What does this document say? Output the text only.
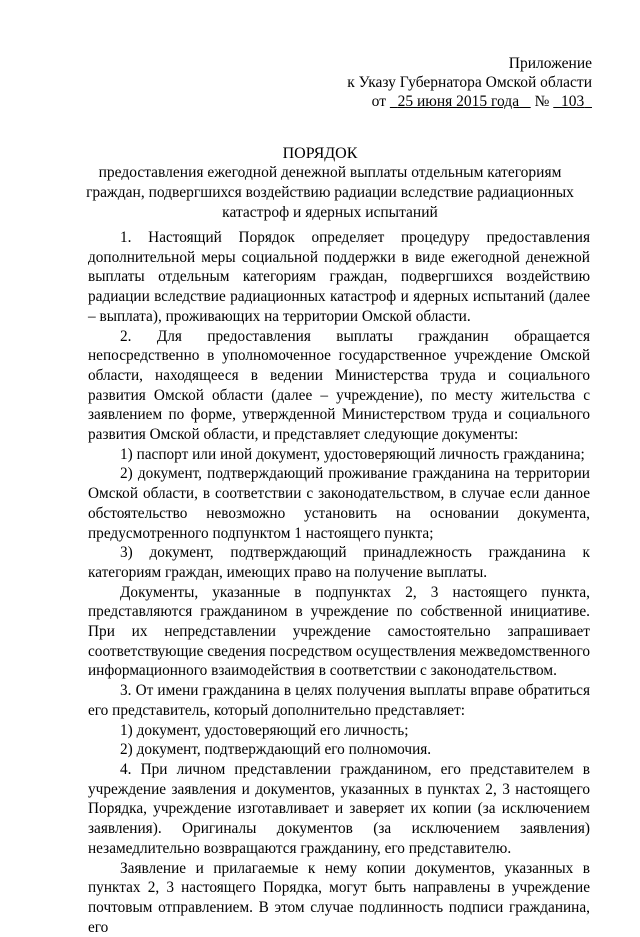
Приложение
к Указу Губернатора Омской области
от 25 июня 2015 года № 103
ПОРЯДОК
предоставления ежегодной денежной выплаты отдельным категориям граждан, подвергшихся воздействию радиации вследствие радиационных катастроф и ядерных испытаний

1. Настоящий Порядок определяет процедуру предоставления дополнительной меры социальной поддержки в виде ежегодной денежной выплаты отдельным категориям граждан, подвергшихся воздействию радиации вследствие радиационных катастроф и ядерных испытаний (далее – выплата), проживающих на территории Омской области.

2. Для предоставления выплаты гражданин обращается непосредственно в уполномоченное государственное учреждение Омской области, находящееся в ведении Министерства труда и социального развития Омской области (далее – учреждение), по месту жительства с заявлением по форме, утвержденной Министерством труда и социального развития Омской области, и представляет следующие документы:

1) паспорт или иной документ, удостоверяющий личность гражданина;

2) документ, подтверждающий проживание гражданина на территории Омской области, в соответствии с законодательством, в случае если данное обстоятельство невозможно установить на основании документа, предусмотренного подпунктом 1 настоящего пункта;

3) документ, подтверждающий принадлежность гражданина к категориям граждан, имеющих право на получение выплаты.

Документы, указанные в подпунктах 2, 3 настоящего пункта, представляются гражданином в учреждение по собственной инициативе. При их непредставлении учреждение самостоятельно запрашивает соответствующие сведения посредством осуществления межведомственного информационного взаимодействия в соответствии с законодательством.

3. От имени гражданина в целях получения выплаты вправе обратиться его представитель, который дополнительно представляет:

1) документ, удостоверяющий его личность;

2) документ, подтверждающий его полномочия.

4. При личном представлении гражданином, его представителем в учреждение заявления и документов, указанных в пунктах 2, 3 настоящего Порядка, учреждение изготавливает и заверяет их копии (за исключением заявления). Оригиналы документов (за исключением заявления) незамедлительно возвращаются гражданину, его представителю.

Заявление и прилагаемые к нему копии документов, указанных в пунктах 2, 3 настоящего Порядка, могут быть направлены в учреждение почтовым отправлением. В этом случае подлинность подписи гражданина, его
